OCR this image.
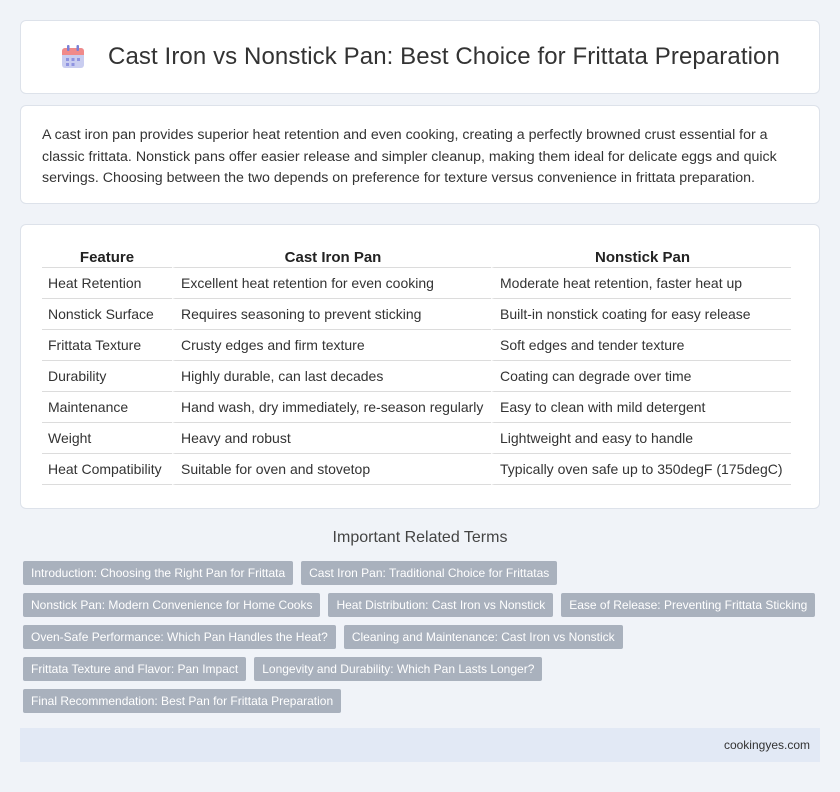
Cast Iron vs Nonstick Pan: Best Choice for Frittata Preparation

A cast iron pan provides superior heat retention and even cooking, creating a perfectly browned crust essential for a classic frittata. Nonstick pans offer easier release and simpler cleanup, making them ideal for delicate eggs and quick servings. Choosing between the two depends on preference for texture versus convenience in frittata preparation.

Feature	Cast Iron Pan	Nonstick Pan
Heat Retention	Excellent heat retention for even cooking	Moderate heat retention, faster heat up
Nonstick Surface	Requires seasoning to prevent sticking	Built-in nonstick coating for easy release
Frittata Texture	Crusty edges and firm texture	Soft edges and tender texture
Durability	Highly durable, can last decades	Coating can degrade over time
Maintenance	Hand wash, dry immediately, re-season regularly	Easy to clean with mild detergent
Weight	Heavy and robust	Lightweight and easy to handle
Heat Compatibility	Suitable for oven and stovetop	Typically oven safe up to 350degF (175degC)
Important Related Terms
Introduction: Choosing the Right Pan for Frittata	Cast Iron Pan: Traditional Choice for Frittatas
Nonstick Pan: Modern Convenience for Home Cooks	Heat Distribution: Cast Iron vs Nonstick	Ease of Release: Preventing Frittata Sticking
Oven-Safe Performance: Which Pan Handles the Heat?	Cleaning and Maintenance: Cast Iron vs Nonstick
Frittata Texture and Flavor: Pan Impact	Longevity and Durability: Which Pan Lasts Longer?
Final Recommendation: Best Pan for Frittata Preparation
cookingyes.com
